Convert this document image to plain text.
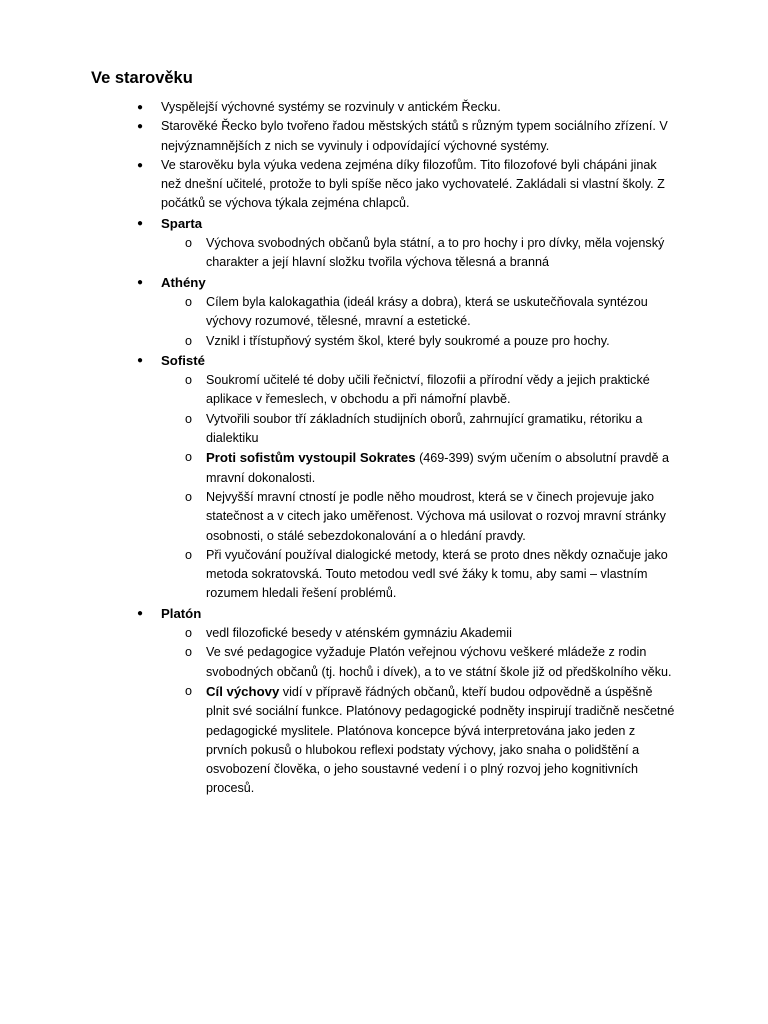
Ve starověku
●	Vyspělejší výchovné systémy se rozvinuly v antickém Řecku.
●	Starověké Řecko bylo tvořeno řadou městských států s různým typem sociálního zřízení. V nejvýznamnějších z nich se vyvinuly i odpovídající výchovné systémy.
●	Ve starověku byla výuka vedena zejména díky filozofům. Tito filozofové byli chápáni jinak než dnešní učitelé, protože to byli spíše něco jako vychovatelé. Zakládali si vlastní školy. Z počátků se výchova týkala zejména chlapců.
● Sparta
o Výchova svobodných občanů byla státní, a to pro hochy i pro dívky, měla vojenský charakter a její hlavní složku tvořila výchova tělesná a branná
● Athény
o Cílem byla kalokagathia (ideál krásy a dobra), která se uskutečňovala syntézou výchovy rozumové, tělesné, mravní a estetické.
o Vznikl i třístupňový systém škol, které byly soukromé a pouze pro hochy.
● Sofisté
o Soukromí učitelé té doby učili řečnictví, filozofii a přírodní vědy a jejich praktické aplikace v řemeslech, v obchodu a při námořní plavbě.
o Vytvořili soubor tří základních studijních oborů, zahrnující gramatiku, rétoriku a dialektiku
o Proti sofistům vystoupil Sokrates (469-399) svým učením o absolutní pravdě a mravní dokonalosti.
o Nejvyšší mravní ctností je podle něho moudrost, která se v činech projevuje jako statečnost a v citech jako uměřenost. Výchova má usilovat o rozvoj mravní stránky osobnosti, o stálé sebezdokonalování a o hledání pravdy.
o Při vyučování používal dialogické metody, která se proto dnes někdy označuje jako metoda sokratovská. Touto metodou vedl své žáky k tomu, aby sami – vlastním rozumem hledali řešení problémů.
● Platón
o vedl filozofické besedy v aténském gymnáziu Akademii
o Ve své pedagogice vyžaduje Platón veřejnou výchovu veškeré mládeže z rodin svobodných občanů (tj. hochů i dívek), a to ve státní škole již od předškolního věku.
o Cíl výchovy vidí v přípravě řádných občanů, kteří budou odpovědně a úspěšně plnit své sociální funkce. Platónovy pedagogické podněty inspirují tradičně nesčetné pedagogické myslitele. Platónova koncepce bývá interpretována jako jeden z prvních pokusů o hlubokou reflexi podstaty výchovy, jako snaha o polidštění a osvobození člověka, o jeho soustavné vedení i o plný rozvoj jeho kognitivních procesů.
